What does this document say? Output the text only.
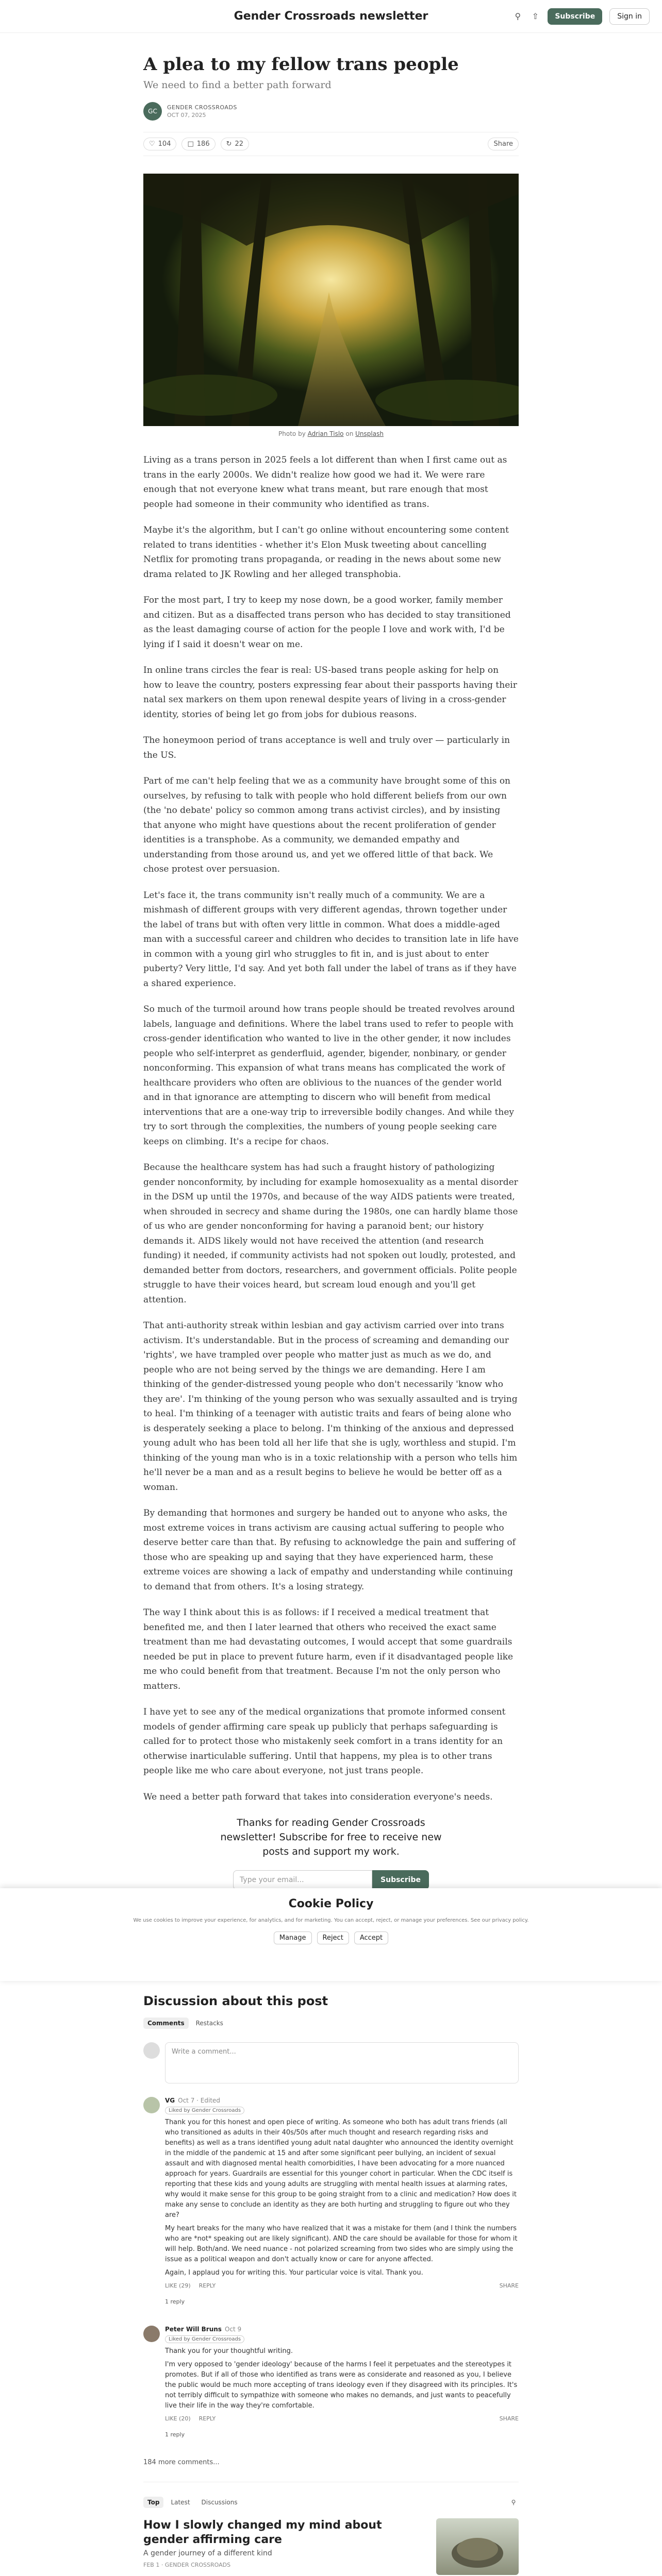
Gender Crossroads newsletter	⚲ ⇧	Subscribe	Sign in
A plea to my fellow trans people
We need to find a better path forward
GC
GENDER CROSSROADS
OCT 07, 2025
♡ 104 □ 186 ↻ 22	Share
Photo by Adrian Tislo on Unsplash

Living as a trans person in 2025 feels a lot different than when I first came out as trans in the early 2000s. We didn't realize how good we had it. We were rare enough that not everyone knew what trans meant, but rare enough that most people had someone in their community who identified as trans.

Maybe it's the algorithm, but I can't go online without encountering some content related to trans identities - whether it's Elon Musk tweeting about cancelling Netflix for promoting trans propaganda, or reading in the news about some new drama related to JK Rowling and her alleged transphobia.

For the most part, I try to keep my nose down, be a good worker, family member and citizen. But as a disaffected trans person who has decided to stay transitioned as the least damaging course of action for the people I love and work with, I'd be lying if I said it doesn't wear on me.

In online trans circles the fear is real: US-based trans people asking for help on how to leave the country, posters expressing fear about their passports having their natal sex markers on them upon renewal despite years of living in a cross-gender identity, stories of being let go from jobs for dubious reasons.

The honeymoon period of trans acceptance is well and truly over — particularly in the US.

Part of me can't help feeling that we as a community have brought some of this on ourselves, by refusing to talk with people who hold different beliefs from our own (the 'no debate' policy so common among trans activist circles), and by insisting that anyone who might have questions about the recent proliferation of gender identities is a transphobe. As a community, we demanded empathy and understanding from those around us, and yet we offered little of that back. We chose protest over persuasion.

Let's face it, the trans community isn't really much of a community. We are a mishmash of different groups with very different agendas, thrown together under the label of trans but with often very little in common. What does a middle-aged man with a successful career and children who decides to transition late in life have in common with a young girl who struggles to fit in, and is just about to enter puberty? Very little, I'd say. And yet both fall under the label of trans as if they have a shared experience.

So much of the turmoil around how trans people should be treated revolves around labels, language and definitions. Where the label trans used to refer to people with cross-gender identification who wanted to live in the other gender, it now includes people who self-interpret as genderfluid, agender, bigender, nonbinary, or gender nonconforming. This expansion of what trans means has complicated the work of healthcare providers who often are oblivious to the nuances of the gender world and in that ignorance are attempting to discern who will benefit from medical interventions that are a one-way trip to irreversible bodily changes. And while they try to sort through the complexities, the numbers of young people seeking care keeps on climbing. It's a recipe for chaos.

Because the healthcare system has had such a fraught history of pathologizing gender nonconformity, by including for example homosexuality as a mental disorder in the DSM up until the 1970s, and because of the way AIDS patients were treated, when shrouded in secrecy and shame during the 1980s, one can hardly blame those of us who are gender nonconforming for having a paranoid bent; our history demands it. AIDS likely would not have received the attention (and research funding) it needed, if community activists had not spoken out loudly, protested, and demanded better from doctors, researchers, and government officials. Polite people struggle to have their voices heard, but scream loud enough and you'll get attention.

That anti-authority streak within lesbian and gay activism carried over into trans activism. It's understandable. But in the process of screaming and demanding our 'rights', we have trampled over people who matter just as much as we do, and people who are not being served by the things we are demanding. Here I am thinking of the gender-distressed young people who don't necessarily 'know who they are'. I'm thinking of the young person who was sexually assaulted and is trying to heal. I'm thinking of a teenager with autistic traits and fears of being alone who is desperately seeking a place to belong. I'm thinking of the anxious and depressed young adult who has been told all her life that she is ugly, worthless and stupid. I'm thinking of the young man who is in a toxic relationship with a person who tells him he'll never be a man and as a result begins to believe he would be better off as a woman.

By demanding that hormones and surgery be handed out to anyone who asks, the most extreme voices in trans activism are causing actual suffering to people who deserve better care than that. By refusing to acknowledge the pain and suffering of those who are speaking up and saying that they have experienced harm, these extreme voices are showing a lack of empathy and understanding while continuing to demand that from others. It's a losing strategy.

The way I think about this is as follows: if I received a medical treatment that benefited me, and then I later learned that others who received the exact same treatment than me had devastating outcomes, I would accept that some guardrails needed be put in place to prevent future harm, even if it disadvantaged people like me who could benefit from that treatment. Because I'm not the only person who matters.

I have yet to see any of the medical organizations that promote informed consent models of gender affirming care speak up publicly that perhaps safeguarding is called for to protect those who mistakenly seek comfort in a trans identity for an otherwise inarticulable suffering. Until that happens, my plea is to other trans people like me who care about everyone, not just trans people.

We need a better path forward that takes into consideration everyone's needs.

Thanks for reading Gender Crossroads newsletter! Subscribe for free to receive new posts and support my work.
Type your email...	Subscribe
Cookie Policy
We use cookies to improve your experience, for analytics, and for marketing. You can accept, reject, or manage your preferences. See our privacy policy.
Manage	Reject	Accept
Discussion about this post
Comments	Restacks
Write a comment...
VG Oct 7 · Edited
Liked by Gender Crossroads

Thank you for this honest and open piece of writing. As someone who both has adult trans friends (all who transitioned as adults in their 40s/50s after much thought and research regarding risks and benefits) as well as a trans identified young adult natal daughter who announced the identity overnight in the middle of the pandemic at 15 and after some significant peer bullying, an incident of sexual assault and with diagnosed mental health comorbidities, I have been advocating for a more nuanced approach for years. Guardrails are essential for this younger cohort in particular. When the CDC itself is reporting that these kids and young adults are struggling with mental health issues at alarming rates, why would it make sense for this group to be going straight from to a clinic and medication? How does it make any sense to conclude an identity as they are both hurting and struggling to figure out who they are?

My heart breaks for the many who have realized that it was a mistake for them (and I think the numbers who are *not* speaking out are likely significant). AND the care should be available for those for whom it will help. Both/and. We need nuance - not polarized screaming from two sides who are simply using the issue as a political weapon and don't actually know or care for anyone affected.

Again, I applaud you for writing this. Your particular voice is vital. Thank you.

LIKE (29) REPLY	SHARE
1 reply
Peter Will Bruns Oct 9
Liked by Gender Crossroads

Thank you for your thoughtful writing.

I'm very opposed to 'gender ideology' because of the harms I feel it perpetuates and the stereotypes it promotes. But if all of those who identified as trans were as considerate and reasoned as you, I believe the public would be much more accepting of trans ideology even if they disagreed with its principles. It's not terribly difficult to sympathize with someone who makes no demands, and just wants to peacefully live their life in the way they're comfortable.

LIKE (20) REPLY	SHARE
1 reply
184 more comments...
Top	Latest	Discussions	⚲
How I slowly changed my mind about gender affirming care
A gender journey of a different kind
FEB 1 · GENDER CROSSROADS
